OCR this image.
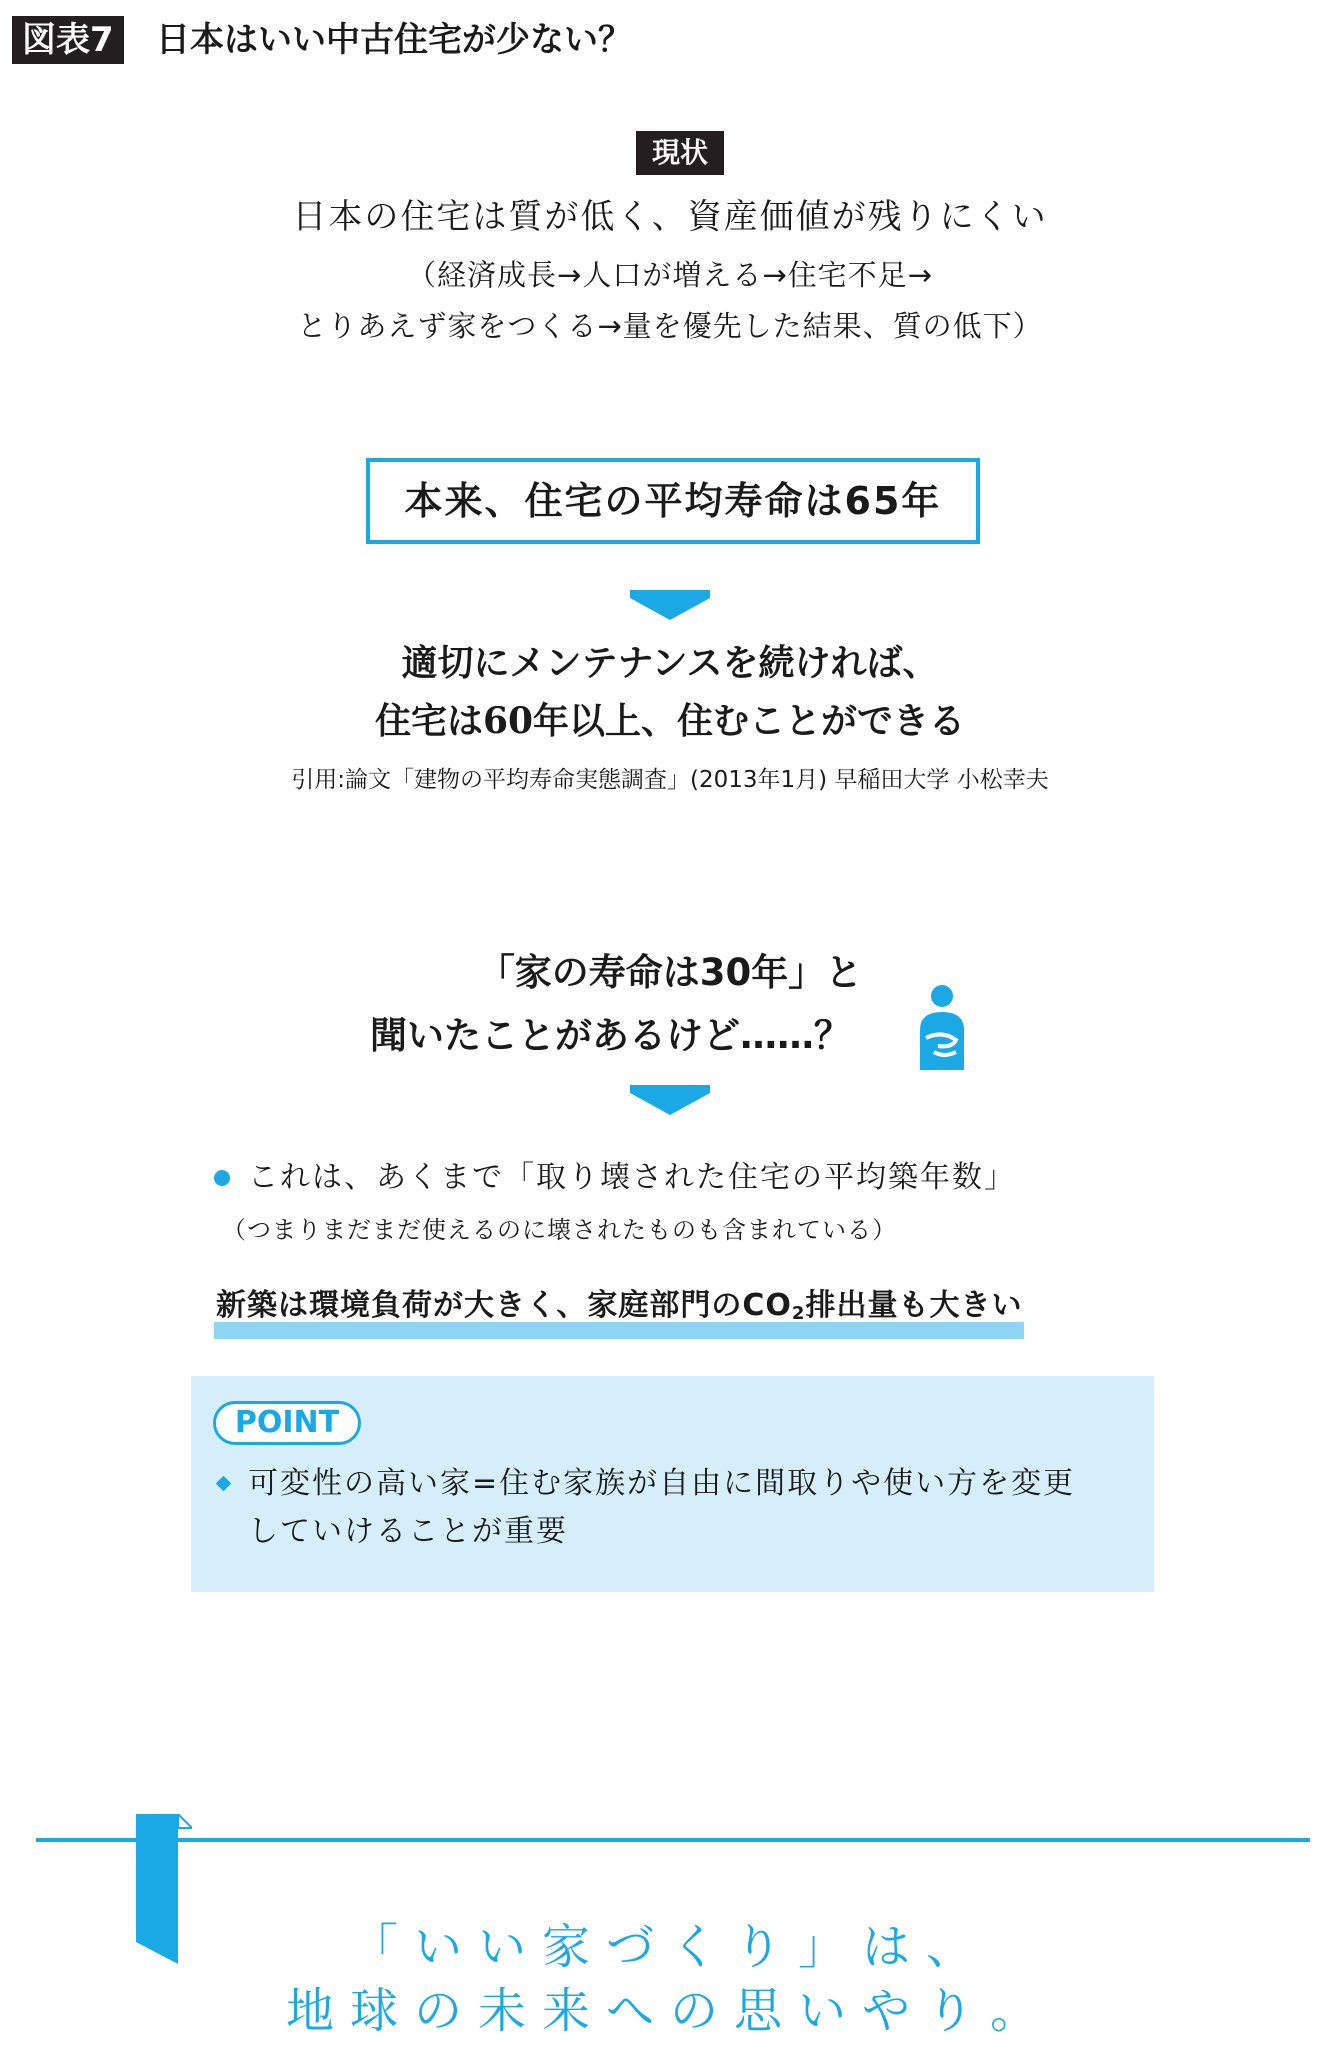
図表7 日本はいい中古住宅が少ない？
現状
日本の住宅は質が低く、資産価値が残りにくい
（経済成長→人口が増える→住宅不足→
とりあえず家をつくる→量を優先した結果、質の低下）
本来、住宅の平均寿命は65年
適切にメンテナンスを続ければ、
住宅は60年以上、住むことができる
引用:論文「建物の平均寿命実態調査」(2013年1月) 早稲田大学 小松幸夫
「家の寿命は30年」と
聞いたことがあるけど……？
これは、あくまで「取り壊された住宅の平均築年数」
（つまりまだまだ使えるのに壊されたものも含まれている）
新築は環境負荷が大きく、家庭部門の$CO_2$排出量も大きい
POINT
可変性の高い家=住む家族が自由に間取りや使い方を変更
していけることが重要
「いい家づくり」は、
地球の未来への思いやり。
